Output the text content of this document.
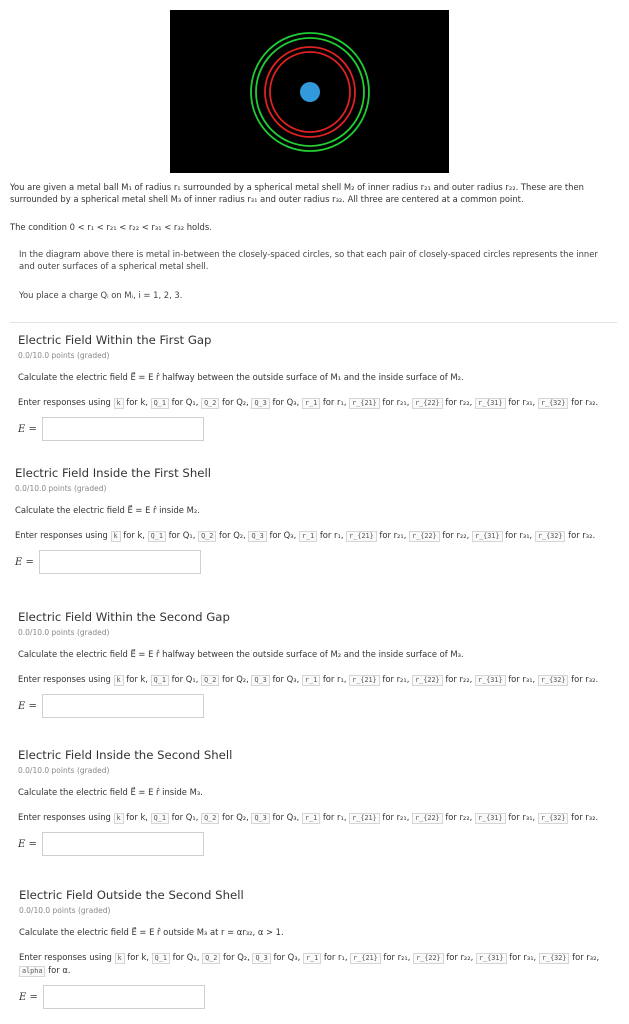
You are given a metal ball M₁ of radius r₁ surrounded by a spherical metal shell M₂ of inner radius r₂₁ and outer radius r₂₂. These are then surrounded by a spherical metal shell M₃ of inner radius r₃₁ and outer radius r₃₂. All three are centered at a common point.
The condition 0 < r₁ < r₂₁ < r₂₂ < r₃₁ < r₃₂ holds.
In the diagram above there is metal in-between the closely-spaced circles, so that each pair of closely-spaced circles represents the inner and outer surfaces of a spherical metal shell.
You place a charge Qᵢ on Mᵢ, i = 1, 2, 3.
Electric Field Within the First Gap
0.0/10.0 points (graded)
Calculate the electric field E⃗ = E r̂ halfway between the outside surface of M₁ and the inside surface of M₂.
Enter responses using k for k, Q_1 for Q₁, Q_2 for Q₂, Q_3 for Q₃, r_1 for r₁, r_{21} for r₂₁, r_{22} for r₂₂, r_{31} for r₃₁, r_{32} for r₃₂.
E =
Electric Field Inside the First Shell
0.0/10.0 points (graded)
Calculate the electric field E⃗ = E r̂ inside M₂.
Enter responses using k for k, Q_1 for Q₁, Q_2 for Q₂, Q_3 for Q₃, r_1 for r₁, r_{21} for r₂₁, r_{22} for r₂₂, r_{31} for r₃₁, r_{32} for r₃₂.
E =
Electric Field Within the Second Gap
0.0/10.0 points (graded)
Calculate the electric field E⃗ = E r̂ halfway between the outside surface of M₂ and the inside surface of M₃.
Enter responses using k for k, Q_1 for Q₁, Q_2 for Q₂, Q_3 for Q₃, r_1 for r₁, r_{21} for r₂₁, r_{22} for r₂₂, r_{31} for r₃₁, r_{32} for r₃₂.
E =
Electric Field Inside the Second Shell
0.0/10.0 points (graded)
Calculate the electric field E⃗ = E r̂ inside M₃.
Enter responses using k for k, Q_1 for Q₁, Q_2 for Q₂, Q_3 for Q₃, r_1 for r₁, r_{21} for r₂₁, r_{22} for r₂₂, r_{31} for r₃₁, r_{32} for r₃₂.
E =
Electric Field Outside the Second Shell
0.0/10.0 points (graded)
Calculate the electric field E⃗ = E r̂ outside M₃ at r = αr₃₂, α > 1.
Enter responses using k for k, Q_1 for Q₁, Q_2 for Q₂, Q_3 for Q₃, r_1 for r₁, r_{21} for r₂₁, r_{22} for r₂₂, r_{31} for r₃₁, r_{32} for r₃₂, alpha for α.
E =
